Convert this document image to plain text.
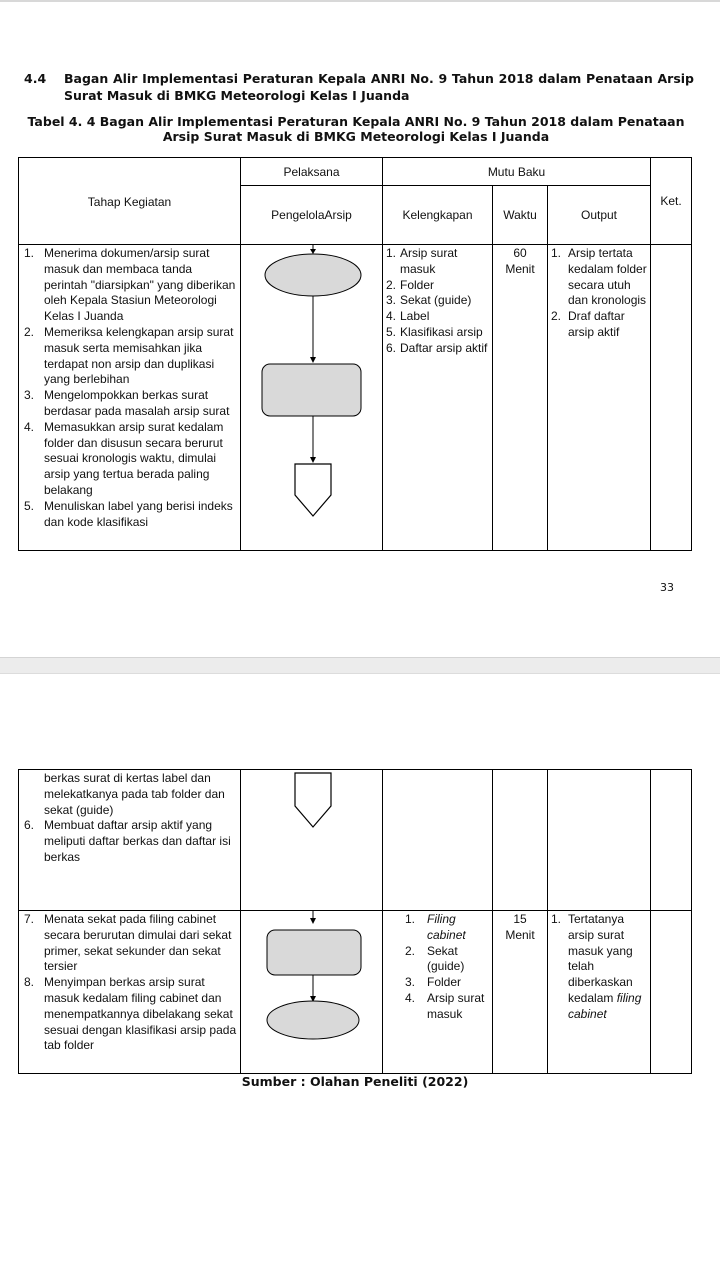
4.4 Bagan Alir Implementasi Peraturan Kepala ANRI No. 9 Tahun 2018 dalam Penataan Arsip Surat Masuk di BMKG Meteorologi Kelas I Juanda
Tabel 4. 4 Bagan Alir Implementasi Peraturan Kepala ANRI No. 9 Tahun 2018 dalam Penataan
Arsip Surat Masuk di BMKG Meteorologi Kelas I Juanda
Tahap Kegiatan
Pelaksana
PengelolaArsip
Mutu Baku
Kelengkapan	Waktu	Output
Ket.
1. Menerima dokumen/arsip surat masuk dan membaca tanda perintah "diarsipkan" yang diberikan oleh Kepala Stasiun Meteorologi Kelas I Juanda
2. Memeriksa kelengkapan arsip surat masuk serta memisahkan jika terdapat non arsip dan duplikasi yang berlebihan
3. Mengelompokkan berkas surat berdasar pada masalah arsip surat
4. Memasukkan arsip surat kedalam folder dan disusun secara berurut sesuai kronologis waktu, dimulai arsip yang tertua berada paling belakang
5. Menuliskan label yang berisi indeks dan kode klasifikasi
1. Arsip surat masuk
2. Folder
3. Sekat (guide)
4. Label
5. Klasifikasi arsip
6. Daftar arsip aktif
60 Menit
1. Arsip tertata kedalam folder secara utuh dan kronologis
2. Draf daftar arsip aktif
33
berkas surat di kertas label dan melekatkanya pada tab folder dan sekat (guide)
6. Membuat daftar arsip aktif yang meliputi daftar berkas dan daftar isi berkas
7. Menata sekat pada filing cabinet secara berurutan dimulai dari sekat primer, sekat sekunder dan sekat tersier
8. Menyimpan berkas arsip surat masuk kedalam filing cabinet dan menempatkannya dibelakang sekat sesuai dengan klasifikasi arsip pada tab folder
1. Filing cabinet
2. Sekat (guide)
3. Folder
4. Arsip surat masuk
15 Menit
1. Tertatanya arsip surat masuk yang telah diberkaskan kedalam filing cabinet
Sumber : Olahan Peneliti (2022)
